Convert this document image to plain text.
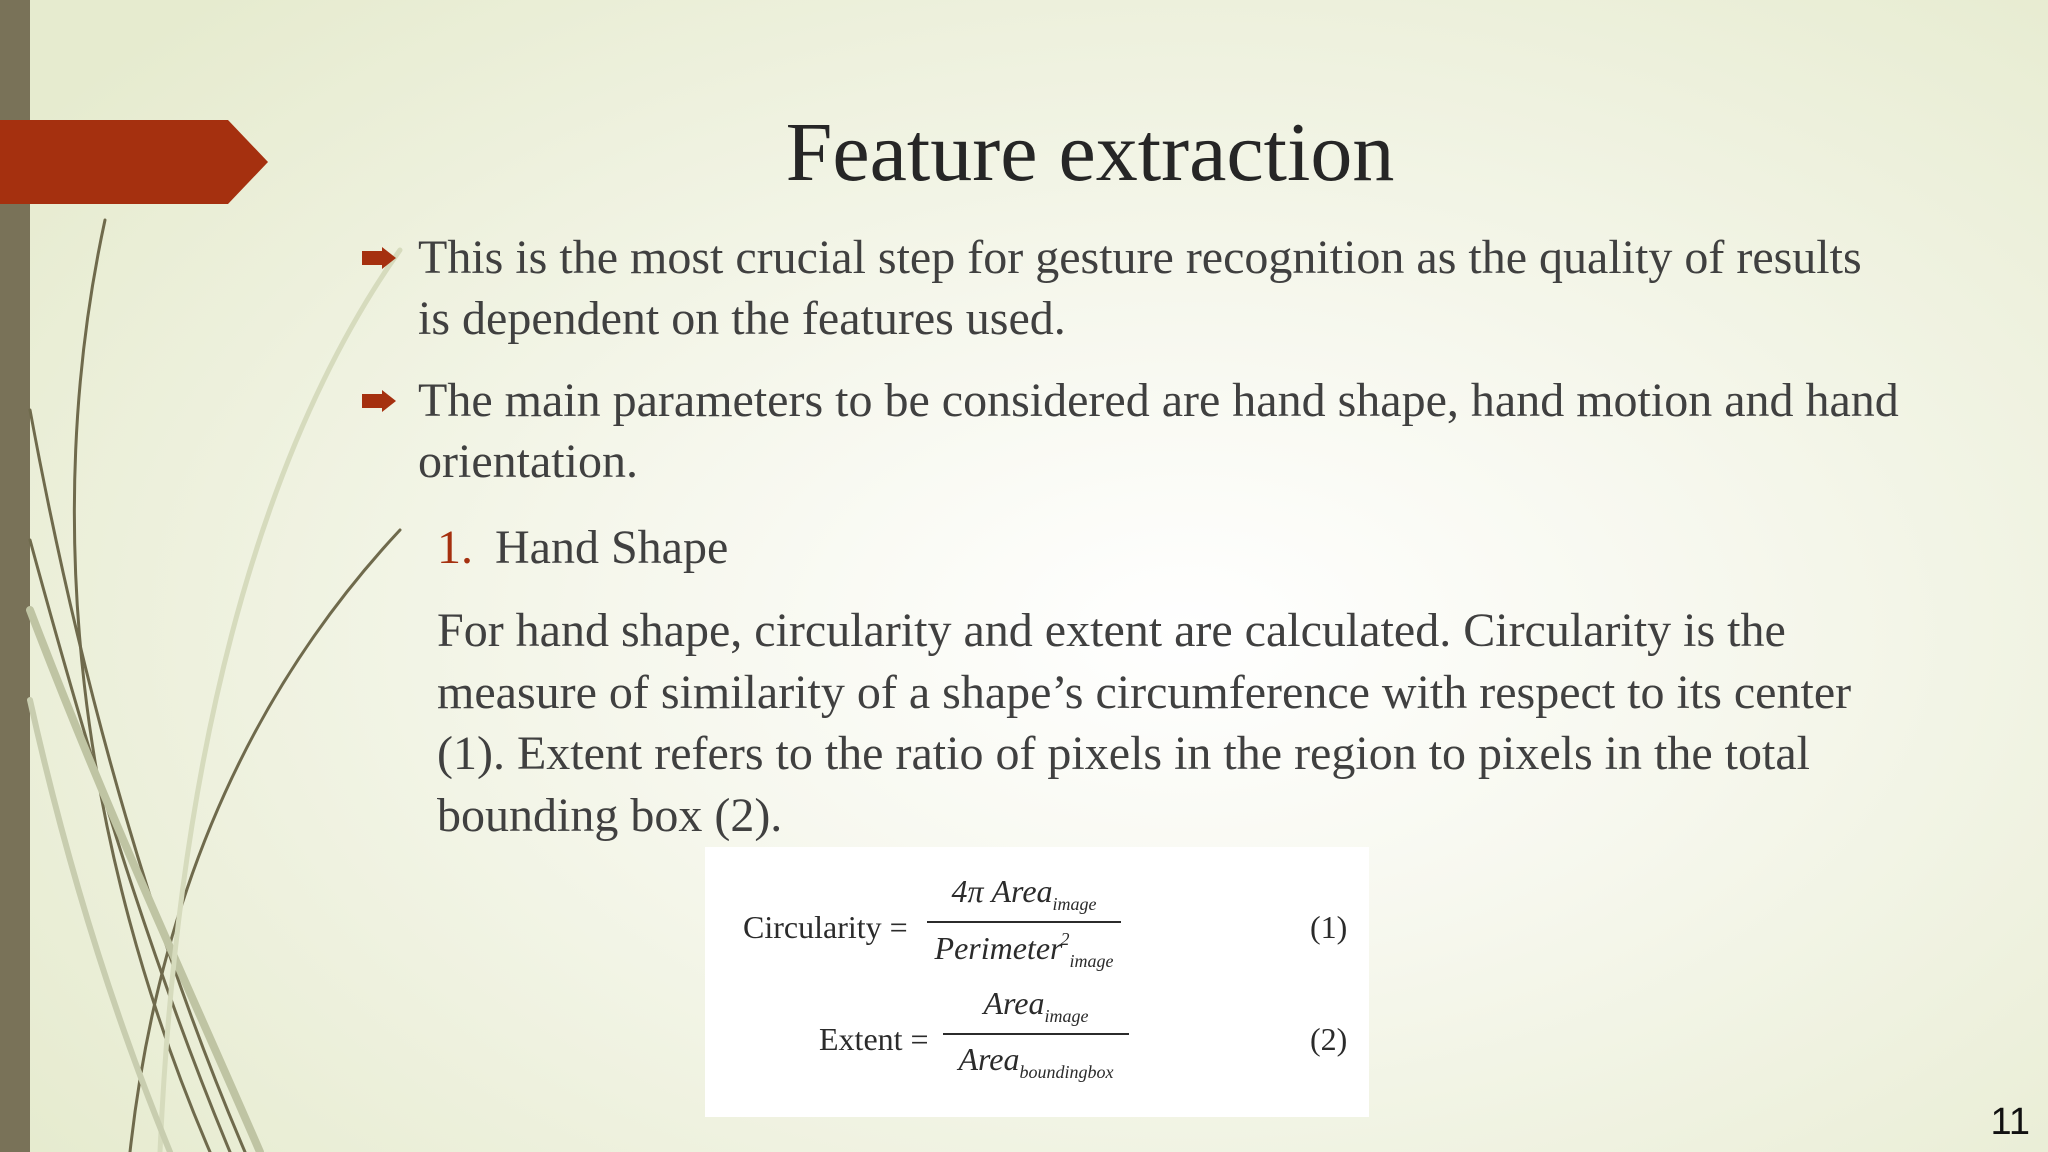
Feature extraction
This is the most crucial step for gesture recognition as the quality of results is dependent on the features used.
The main parameters to be considered are hand shape, hand motion and hand orientation.
1. Hand Shape
For hand shape, circularity and extent are calculated. Circularity is the measure of similarity of a shape’s circumference with respect to its center (1). Extent refers to the ratio of pixels in the region to pixels in the total bounding box (2).
Circularity =
4π Area$_{image}$
Perimeter$^2_{image}$
(1)
Extent =
Area$_{image}$
Area$_{boundingbox}$
(2)
11
